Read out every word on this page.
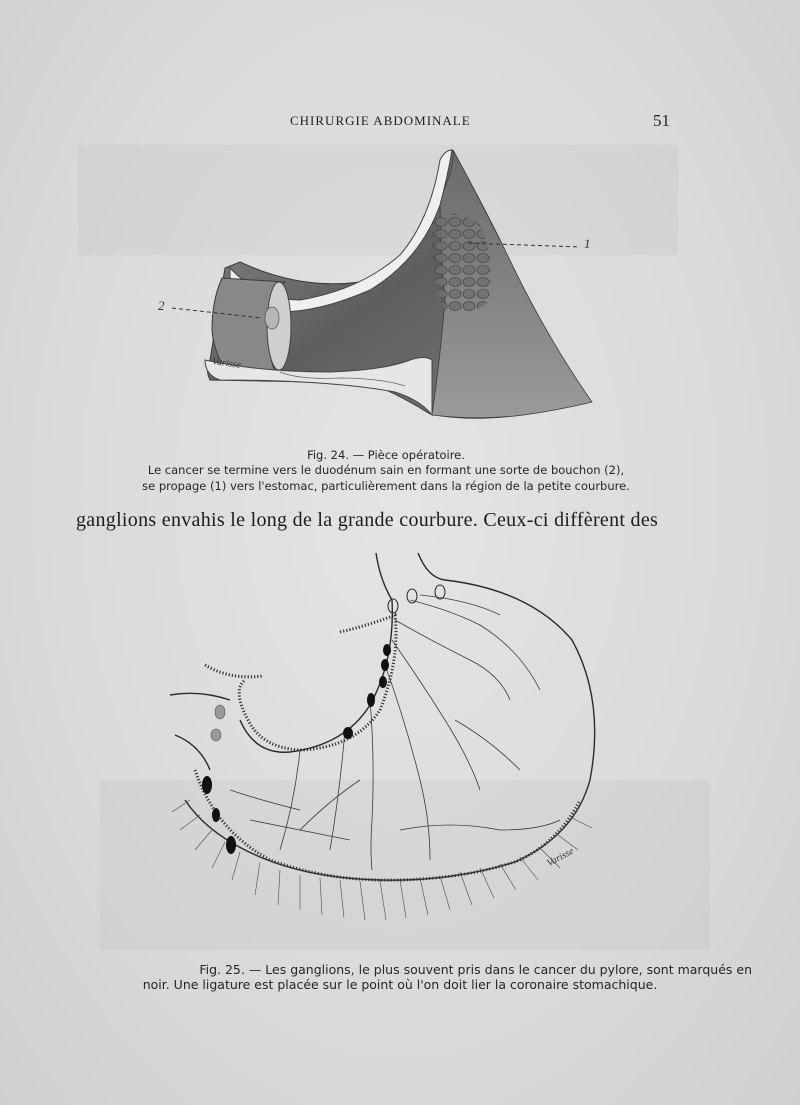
CHIRURGIE ABDOMINALE	51
1
2
Varisse
Fig. 24. — Pièce opératoire.
Le cancer se termine vers le duodénum sain en formant une sorte de bouchon (2),
se propage (1) vers l'estomac, particulièrement dans la région de la petite courbure.
ganglions envahis le long de la grande courbure. Ceux-ci diffèrent des
Varisse
Fig. 25. — Les ganglions, le plus souvent pris dans le cancer du pylore, sont marqués en
noir. Une ligature est placée sur le point où l'on doit lier la coronaire stomachique.
